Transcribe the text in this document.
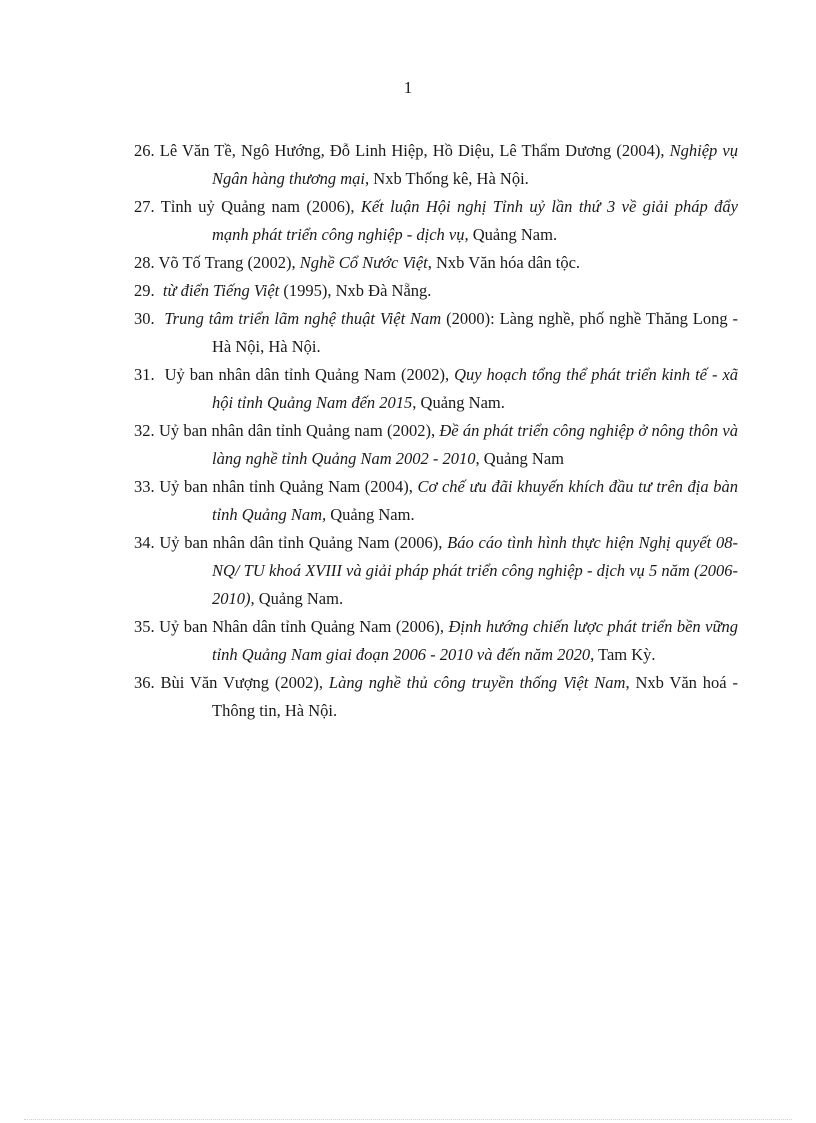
1
26. Lê Văn Tề, Ngô Hướng, Đỗ Linh Hiệp, Hồ Diệu, Lê Thẩm Dương (2004), Nghiệp vụ Ngân hàng thương mại, Nxb Thống kê, Hà Nội.
27. Tỉnh uỷ Quảng nam (2006), Kết luận Hội nghị Tỉnh uỷ lần thứ 3 về giải pháp đẩy mạnh phát triển công nghiệp - dịch vụ, Quảng Nam.
28. Võ Tố Trang (2002), Nghề Cổ Nước Việt, Nxb Văn hóa dân tộc.
29. từ điển Tiếng Việt (1995), Nxb Đà Nẵng.
30. Trung tâm triển lãm nghệ thuật Việt Nam (2000): Làng nghề, phố nghề Thăng Long - Hà Nội, Hà Nội.
31. Uỷ ban nhân dân tỉnh Quảng Nam (2002), Quy hoạch tổng thể phát triển kinh tế - xã hội tỉnh Quảng Nam đến 2015, Quảng Nam.
32. Uỷ ban nhân dân tỉnh Quảng nam (2002), Đề án phát triển công nghiệp ở nông thôn và làng nghề tỉnh Quảng Nam 2002 - 2010, Quảng Nam
33. Uỷ ban nhân tỉnh Quảng Nam (2004), Cơ chế ưu đãi khuyến khích đầu tư trên địa bàn tỉnh Quảng Nam, Quảng Nam.
34. Uỷ ban nhân dân tỉnh Quảng Nam (2006), Báo cáo tình hình thực hiện Nghị quyết 08-NQ/ TU khoá XVIII và giải pháp phát triển công nghiệp - dịch vụ 5 năm (2006-2010), Quảng Nam.
35. Uỷ ban Nhân dân tỉnh Quảng Nam (2006), Định hướng chiến lược phát triển bền vững tỉnh Quảng Nam giai đoạn 2006 - 2010 và đến năm 2020, Tam Kỳ.
36. Bùi Văn Vượng (2002), Làng nghề thủ công truyền thống Việt Nam, Nxb Văn hoá - Thông tin, Hà Nội.
